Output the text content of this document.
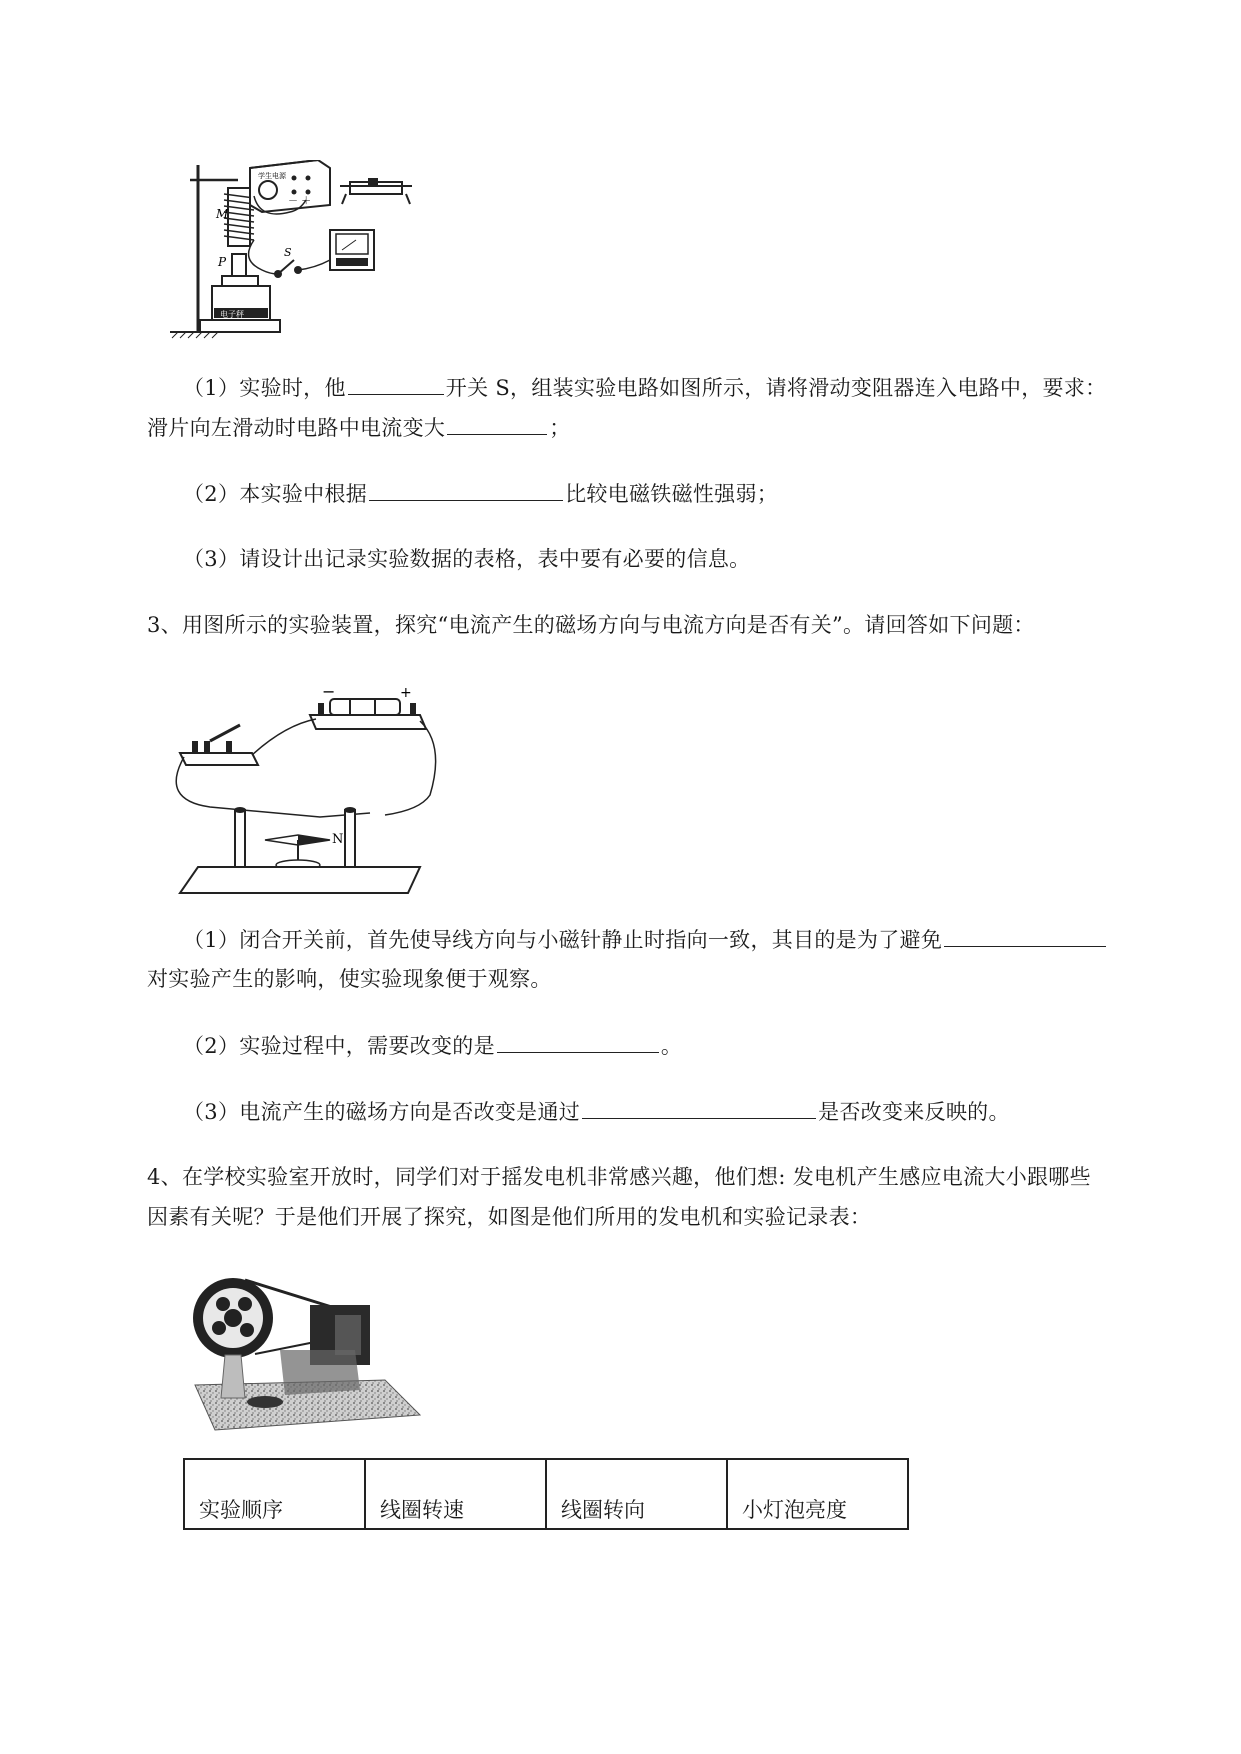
M
P
电子秤
学生电源
－ ＋
S
（1）实验时，他	开关 S，组装实验电路如图所示，请将滑动变阻器连入电路中，要求：
滑片向左滑动时电路中电流变大	；
（2）本实验中根据	比较电磁铁磁性强弱；
（3）请设计出记录实验数据的表格，表中要有必要的信息。
3、用图所示的实验装置，探究“电流产生的磁场方向与电流方向是否有关”。请回答如下问题：
−	+
N
（1）闭合开关前，首先使导线方向与小磁针静止时指向一致，其目的是为了避免
对实验产生的影响，使实验现象便于观察。
（2）实验过程中，需要改变的是	。
（3）电流产生的磁场方向是否改变是通过	是否改变来反映的。
4、在学校实验室开放时，同学们对于摇发电机非常感兴趣，他们想: 发电机产生感应电流大小跟哪些
因素有关呢？于是他们开展了探究，如图是他们所用的发电机和实验记录表：
实验顺序	线圈转速	线圈转向	小灯泡亮度
